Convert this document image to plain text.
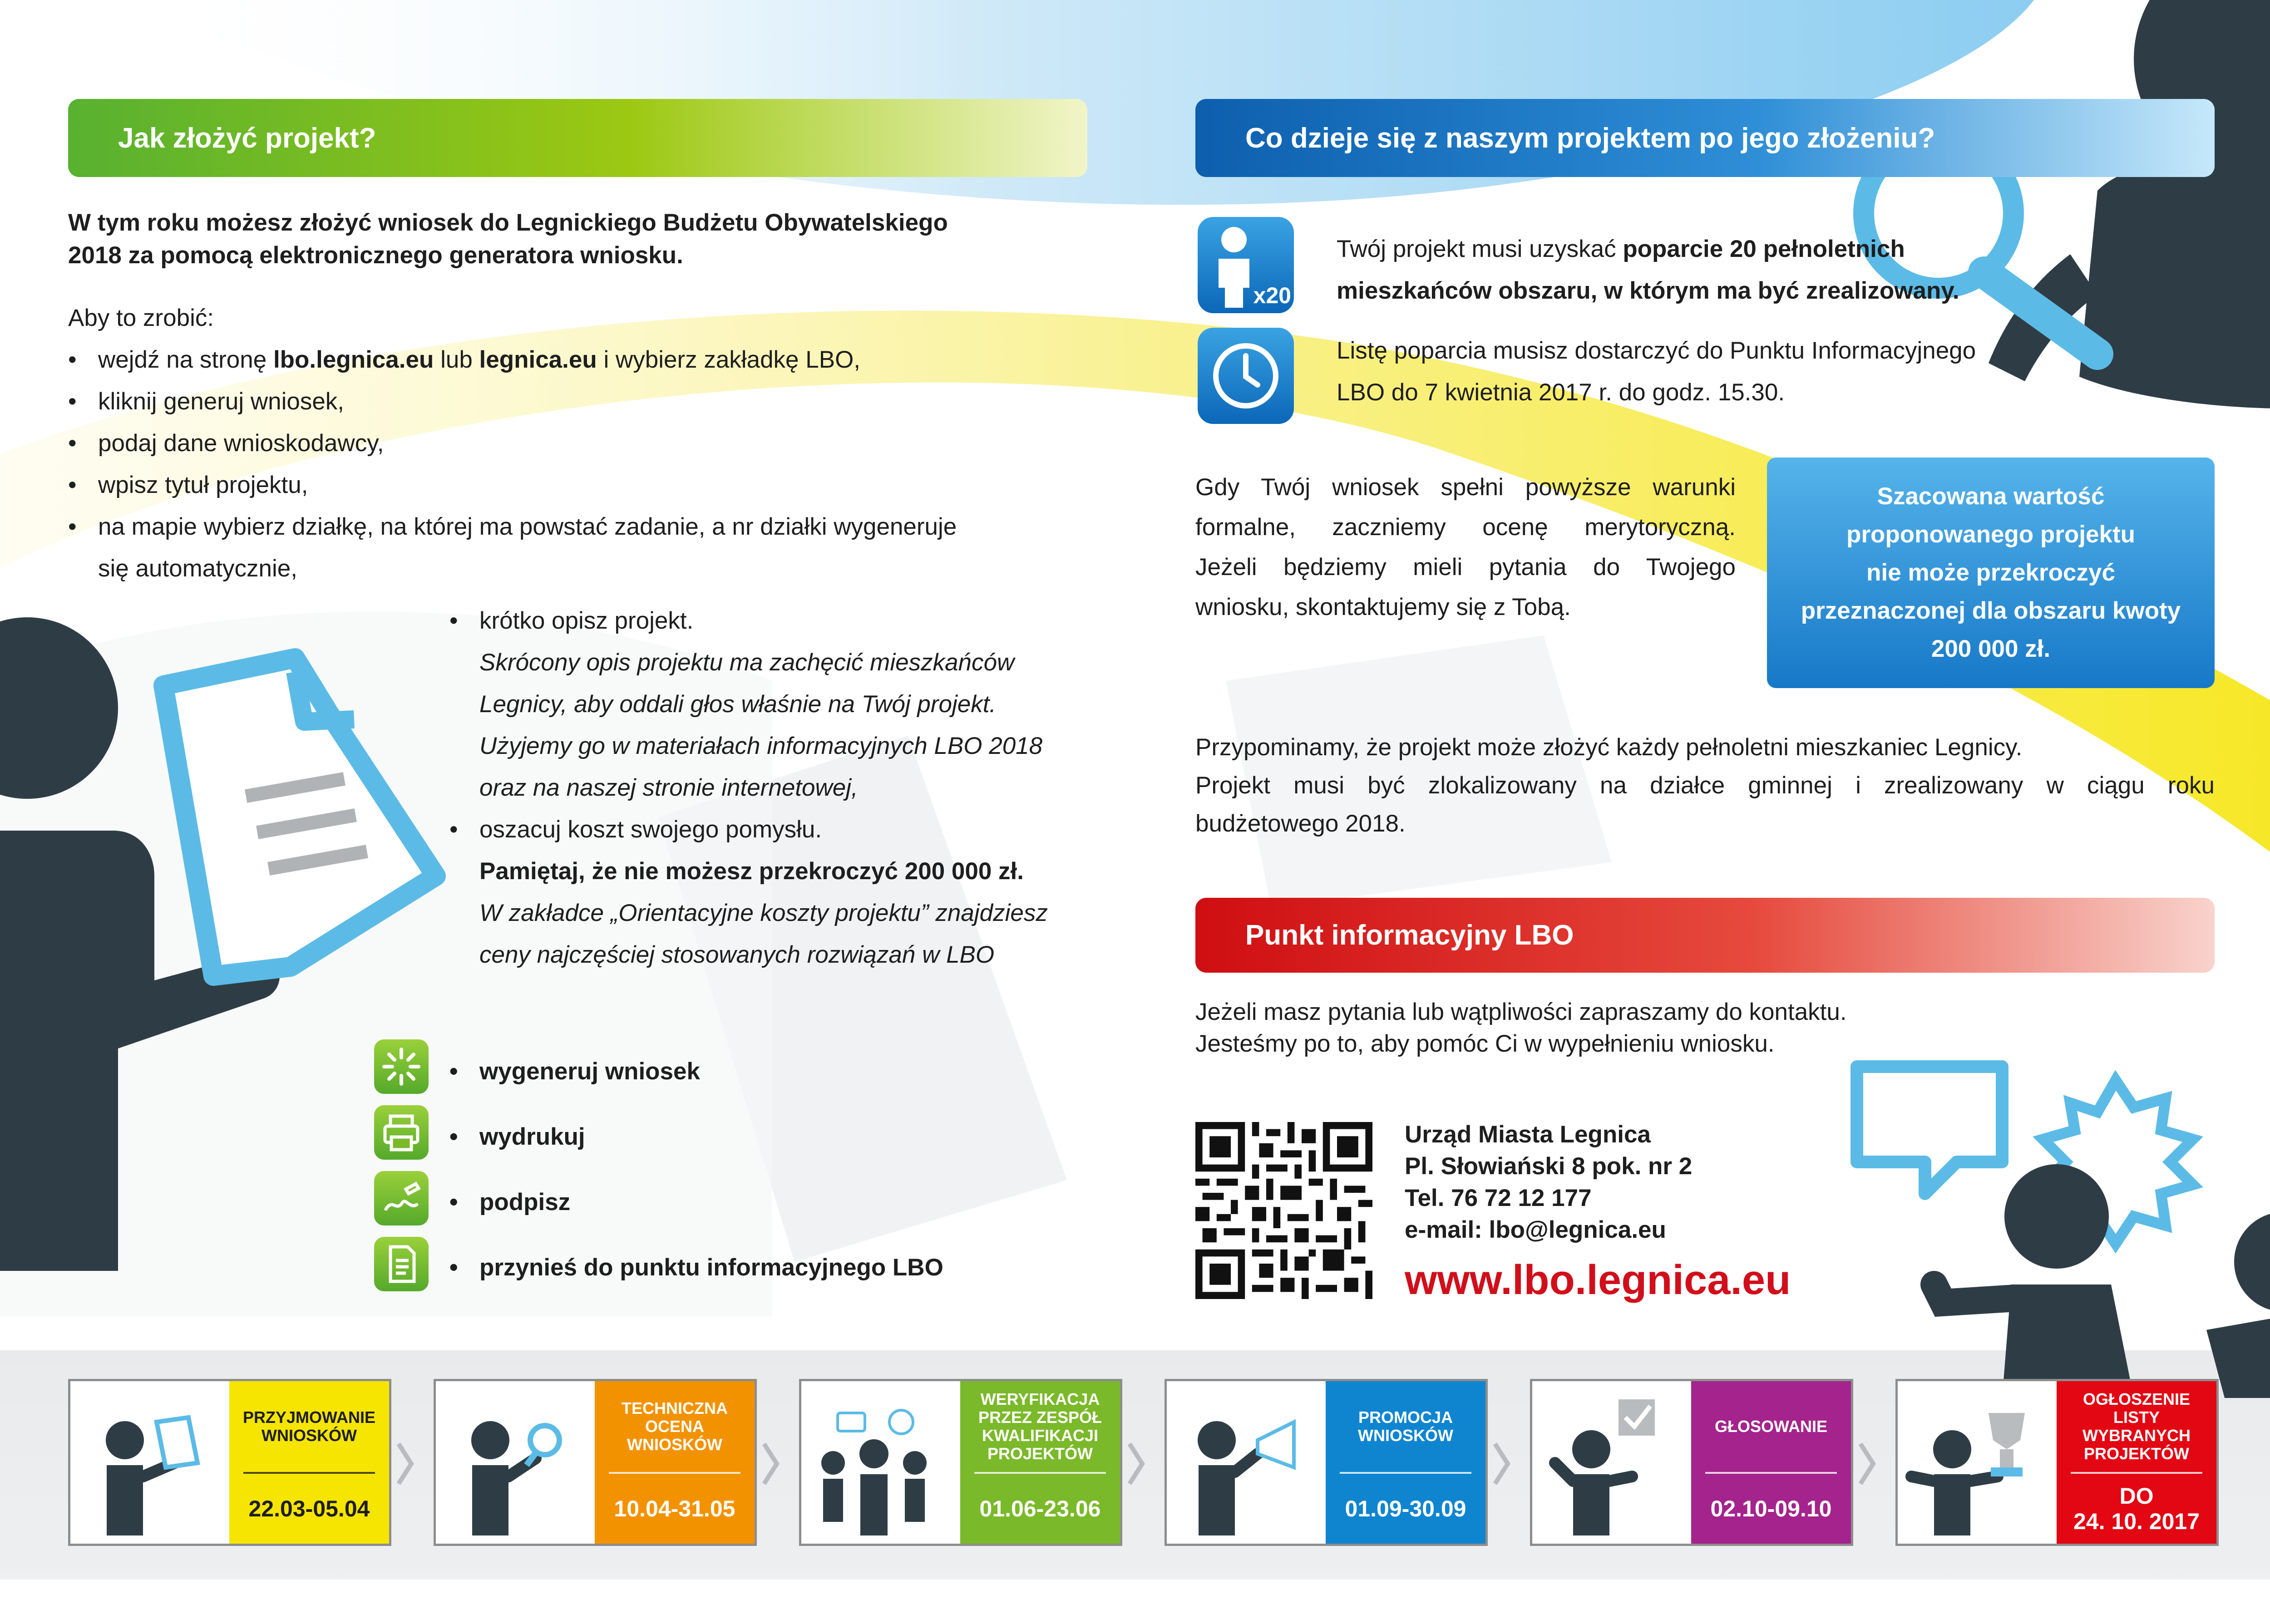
Jak złożyć projekt?
W tym roku możesz złożyć wniosek do Legnickiego Budżetu Obywatelskiego
2018 za pomocą elektronicznego generatora wniosku.
Aby to zrobić:
• wejdź na stronę lbo.legnica.eu lub legnica.eu i wybierz zakładkę LBO,
• kliknij generuj wniosek,
• podaj dane wnioskodawcy,
• wpisz tytuł projektu,
• na mapie wybierz działkę, na której ma powstać zadanie, a nr działki wygeneruje
się automatycznie,
• krótko opisz projekt.
Skrócony opis projektu ma zachęcić mieszkańców
Legnicy, aby oddali głos właśnie na Twój projekt.
Użyjemy go w materiałach informacyjnych LBO 2018
oraz na naszej stronie internetowej,
• oszacuj koszt swojego pomysłu.
Pamiętaj, że nie możesz przekroczyć 200 000 zł.
W zakładce „Orientacyjne koszty projektu” znajdziesz
ceny najczęściej stosowanych rozwiązań w LBO
• wygeneruj wniosek
• wydrukuj
• podpisz
• przynieś do punktu informacyjnego LBO
Co dzieje się z naszym projektem po jego złożeniu?
x20
Twój projekt musi uzyskać poparcie 20 pełnoletnich
mieszkańców obszaru, w którym ma być zrealizowany.
Listę poparcia musisz dostarczyć do Punktu Informacyjnego
LBO do 7 kwietnia 2017 r. do godz. 15.30.
Gdy Twój wniosek spełni powyższe warunki
formalne, zaczniemy ocenę merytoryczną.
Jeżeli będziemy mieli pytania do Twojego
wniosku, skontaktujemy się z Tobą.
Szacowana wartość
proponowanego projektu
nie może przekroczyć
przeznaczonej dla obszaru kwoty
200 000 zł.
Przypominamy, że projekt może złożyć każdy pełnoletni mieszkaniec Legnicy.
Projekt musi być zlokalizowany na działce gminnej i zrealizowany w ciągu roku
budżetowego 2018.
Punkt informacyjny LBO
Jeżeli masz pytania lub wątpliwości zapraszamy do kontaktu.
Jesteśmy po to, aby pomóc Ci w wypełnieniu wniosku.
Urząd Miasta Legnica
Pl. Słowiański 8 pok. nr 2
Tel. 76 72 12 177
e-mail: lbo@legnica.eu
www.lbo.legnica.eu
PRZYJMOWANIE WNIOSKÓW
22.03-05.04
TECHNICZNA OCENA WNIOSKÓW
10.04-31.05
WERYFIKACJA PRZEZ ZESPÓŁ KWALIFIKACJI PROJEKTÓW
01.06-23.06
PROMOCJA WNIOSKÓW
01.09-30.09
GŁOSOWANIE
02.10-09.10
OGŁOSZENIE LISTY WYBRANYCH PROJEKTÓW
DO
24. 10. 2017
